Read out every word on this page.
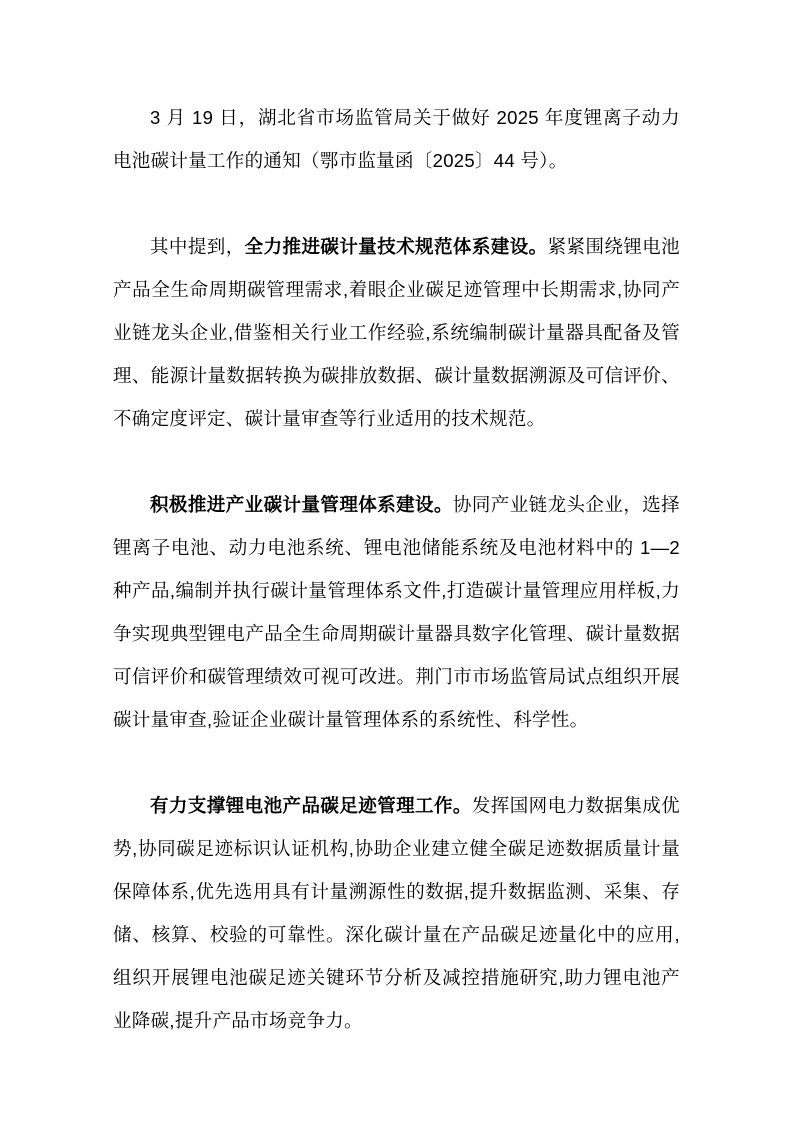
3 月 19 日，湖北省市场监管局关于做好 2025 年度锂离子动力电池碳计量工作的通知（鄂市监量函〔2025〕44 号）。

其中提到，全力推进碳计量技术规范体系建设。紧紧围绕锂电池产品全生命周期碳管理需求,着眼企业碳足迹管理中长期需求,协同产业链龙头企业,借鉴相关行业工作经验,系统编制碳计量器具配备及管理、能源计量数据转换为碳排放数据、碳计量数据溯源及可信评价、不确定度评定、碳计量审查等行业适用的技术规范。

积极推进产业碳计量管理体系建设。协同产业链龙头企业，选择锂离子电池、动力电池系统、锂电池储能系统及电池材料中的 1—2 种产品,编制并执行碳计量管理体系文件,打造碳计量管理应用样板,力争实现典型锂电产品全生命周期碳计量器具数字化管理、碳计量数据可信评价和碳管理绩效可视可改进。荆门市市场监管局试点组织开展碳计量审查,验证企业碳计量管理体系的系统性、科学性。

有力支撑锂电池产品碳足迹管理工作。发挥国网电力数据集成优势,协同碳足迹标识认证机构,协助企业建立健全碳足迹数据质量计量保障体系,优先选用具有计量溯源性的数据,提升数据监测、采集、存储、核算、校验的可靠性。深化碳计量在产品碳足迹量化中的应用,组织开展锂电池碳足迹关键环节分析及减控措施研究,助力锂电池产业降碳,提升产品市场竞争力。
